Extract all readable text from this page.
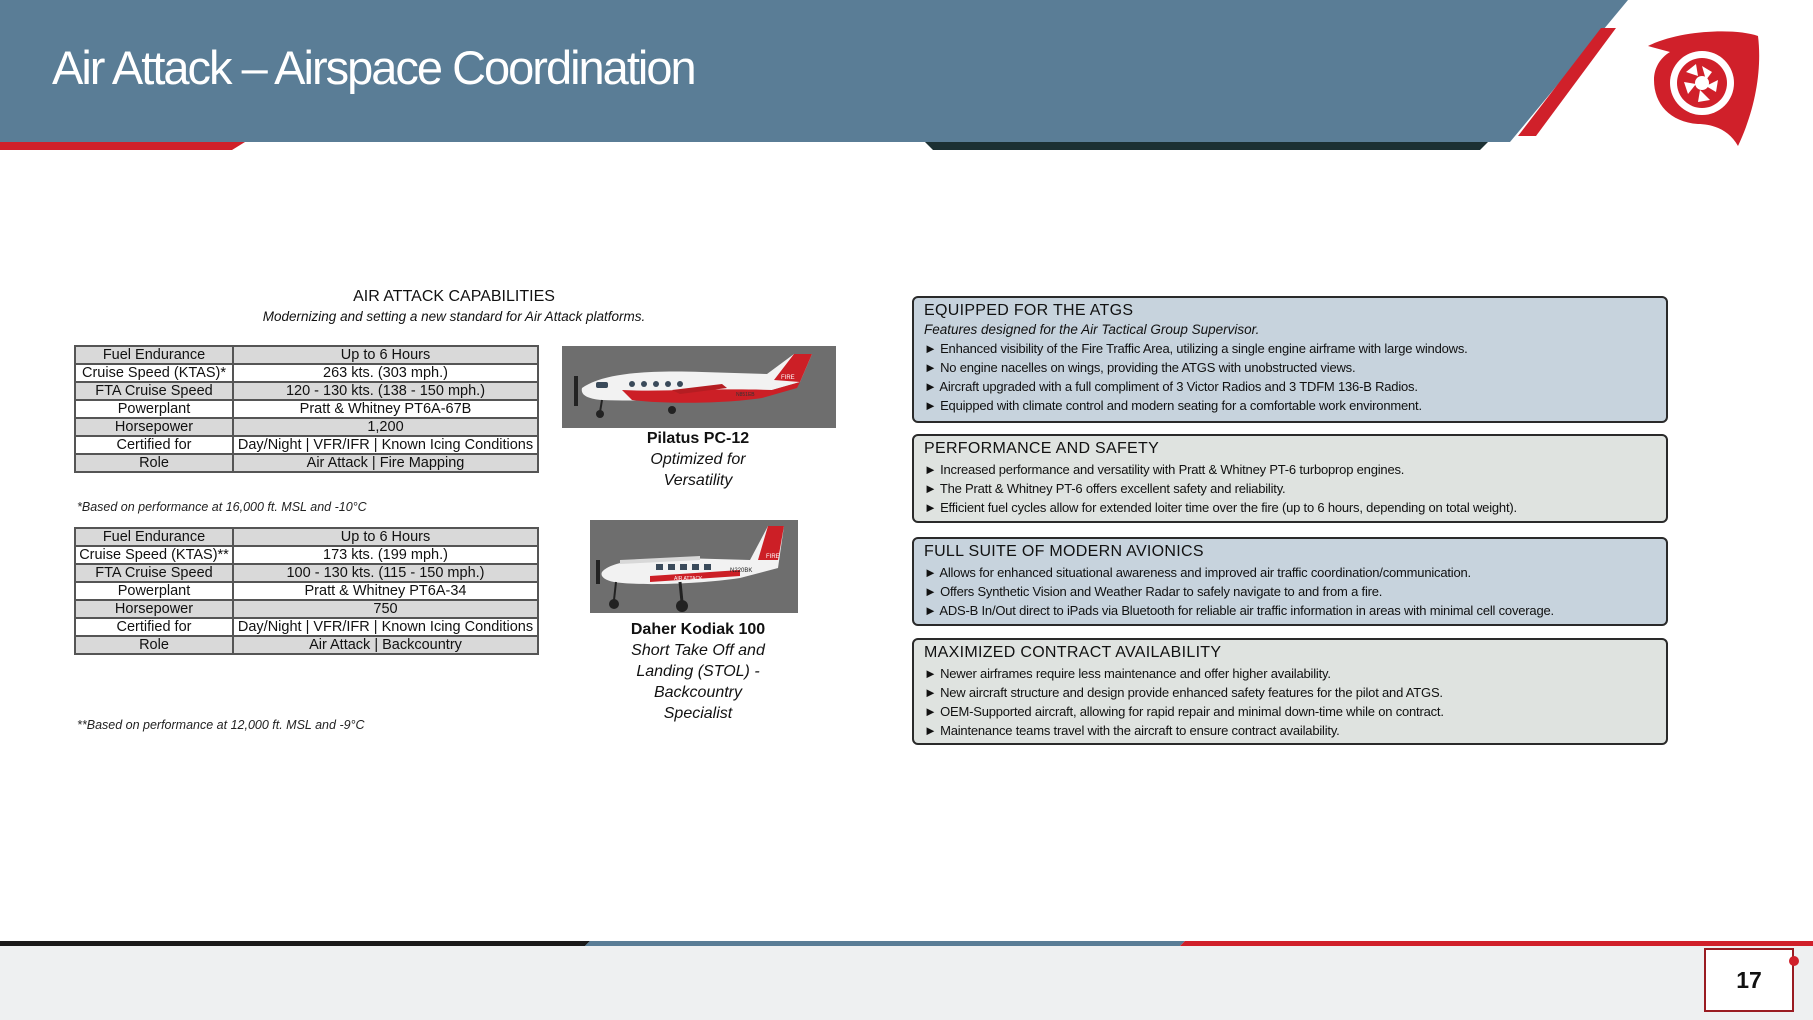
Air Attack – Airspace Coordination
AIR ATTACK CAPABILITIES
Modernizing and setting a new standard for Air Attack platforms.
Fuel Endurance	Up to 6 Hours
Cruise Speed (KTAS)*	263 kts. (303 mph.)
FTA Cruise Speed	120 - 130 kts. (138 - 150 mph.)
Powerplant	Pratt & Whitney PT6A-67B
Horsepower	1,200
Certified for	Day/Night | VFR/IFR | Known Icing Conditions
Role	Air Attack | Fire Mapping
*Based on performance at 16,000 ft. MSL and -10°C
Fuel Endurance	Up to 6 Hours
Cruise Speed (KTAS)**	173 kts. (199 mph.)
FTA Cruise Speed	100 - 130 kts. (115 - 150 mph.)
Powerplant	Pratt & Whitney PT6A-34
Horsepower	750
Certified for	Day/Night | VFR/IFR | Known Icing Conditions
Role	Air Attack | Backcountry
**Based on performance at 12,000 ft. MSL and -9°C
FIRE
N851EB
Pilatus PC-12
Optimized for
Versatility
FIRE
AIR ATTACK
N220BK
Daher Kodiak 100
Short Take Off and
Landing (STOL) -
Backcountry
Specialist
EQUIPPED FOR THE ATGS
Features designed for the Air Tactical Group Supervisor.
► Enhanced visibility of the Fire Traffic Area, utilizing a single engine airframe with large windows.
► No engine nacelles on wings, providing the ATGS with unobstructed views.
► Aircraft upgraded with a full compliment of 3 Victor Radios and 3 TDFM 136-B Radios.
► Equipped with climate control and modern seating for a comfortable work environment.
PERFORMANCE AND SAFETY
► Increased performance and versatility with Pratt & Whitney PT-6 turboprop engines.
► The Pratt & Whitney PT-6 offers excellent safety and reliability.
► Efficient fuel cycles allow for extended loiter time over the fire (up to 6 hours, depending on total weight).
FULL SUITE OF MODERN AVIONICS
► Allows for enhanced situational awareness and improved air traffic coordination/communication.
► Offers Synthetic Vision and Weather Radar to safely navigate to and from a fire.
► ADS-B In/Out direct to iPads via Bluetooth for reliable air traffic information in areas with minimal cell coverage.
MAXIMIZED CONTRACT AVAILABILITY
► Newer airframes require less maintenance and offer higher availability.
► New aircraft structure and design provide enhanced safety features for the pilot and ATGS.
► OEM-Supported aircraft, allowing for rapid repair and minimal down-time while on contract.
► Maintenance teams travel with the aircraft to ensure contract availability.
17
